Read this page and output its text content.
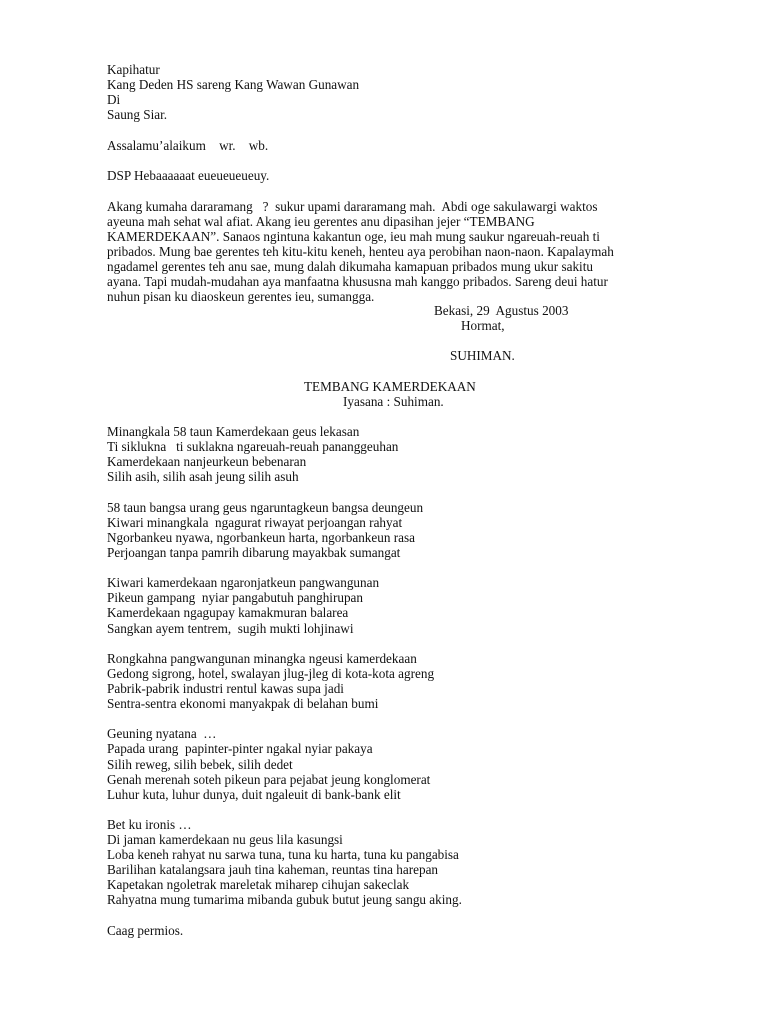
Kapihatur
Kang Deden HS sareng Kang Wawan Gunawan
Di
Saung Siar.
Assalamu’alaikum    wr.    wb.
DSP Hebaaaaaat eueueueueuy.
Akang kumaha dararamang   ?  sukur upami dararamang mah.  Abdi oge sakulawargi waktos
ayeuna mah sehat wal afiat. Akang ieu gerentes anu dipasihan jejer “TEMBANG
KAMERDEKAAN”. Sanaos ngintuna kakantun oge, ieu mah mung saukur ngareuah-reuah ti
pribados. Mung bae gerentes teh kitu-kitu keneh, henteu aya perobihan naon-naon. Kapalaymah
ngadamel gerentes teh anu sae, mung dalah dikumaha kamapuan pribados mung ukur sakitu
ayana. Tapi mudah-mudahan aya manfaatna khususna mah kanggo pribados. Sareng deui hatur
nuhun pisan ku diaoskeun gerentes ieu, sumangga.
Bekasi, 29  Agustus 2003
Hormat,
SUHIMAN.
TEMBANG KAMERDEKAAN
Iyasana : Suhiman.
Minangkala 58 taun Kamerdekaan geus lekasan
Ti siklukna   ti suklakna ngareuah-reuah pananggeuhan
Kamerdekaan nanjeurkeun bebenaran
Silih asih, silih asah jeung silih asuh
58 taun bangsa urang geus ngaruntagkeun bangsa deungeun
Kiwari minangkala  ngagurat riwayat perjoangan rahyat
Ngorbankeu nyawa, ngorbankeun harta, ngorbankeun rasa
Perjoangan tanpa pamrih dibarung mayakbak sumangat
Kiwari kamerdekaan ngaronjatkeun pangwangunan
Pikeun gampang  nyiar pangabutuh panghirupan
Kamerdekaan ngagupay kamakmuran balarea
Sangkan ayem tentrem,  sugih mukti lohjinawi
Rongkahna pangwangunan minangka ngeusi kamerdekaan
Gedong sigrong, hotel, swalayan jlug-jleg di kota-kota agreng
Pabrik-pabrik industri rentul kawas supa jadi
Sentra-sentra ekonomi manyakpak di belahan bumi
Geuning nyatana  …
Papada urang  papinter-pinter ngakal nyiar pakaya
Silih reweg, silih bebek, silih dedet
Genah merenah soteh pikeun para pejabat jeung konglomerat
Luhur kuta, luhur dunya, duit ngaleuit di bank-bank elit
Bet ku ironis …
Di jaman kamerdekaan nu geus lila kasungsi
Loba keneh rahyat nu sarwa tuna, tuna ku harta, tuna ku pangabisa
Barilihan katalangsara jauh tina kaheman, reuntas tina harepan
Kapetakan ngoletrak mareletak miharep cihujan sakeclak
Rahyatna mung tumarima mibanda gubuk butut jeung sangu aking.
Caag permios.
